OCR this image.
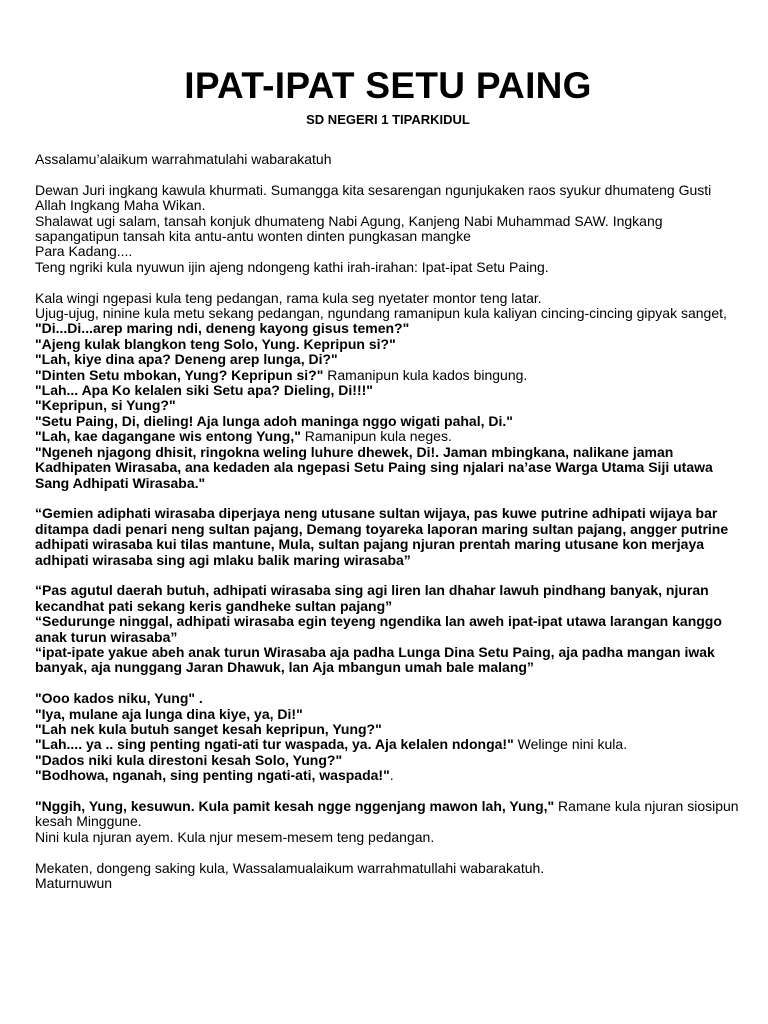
IPAT-IPAT SETU PAING
SD NEGERI 1 TIPARKIDUL
Assalamu’alaikum warrahmatulahi wabarakatuh
Dewan Juri ingkang kawula khurmati. Sumangga kita sesarengan ngunjukaken raos syukur dhumateng Gusti Allah Ingkang Maha Wikan.
Shalawat ugi salam, tansah konjuk dhumateng Nabi Agung, Kanjeng Nabi Muhammad SAW. Ingkang sapangatipun tansah kita antu-antu wonten dinten pungkasan mangke
Para Kadang....
Teng ngriki kula nyuwun ijin ajeng ndongeng kathi irah-irahan: Ipat-ipat Setu Paing.
Kala wingi ngepasi kula teng pedangan, rama kula seg nyetater montor teng latar.
Ujug-ujug, ninine kula metu sekang pedangan, ngundang ramanipun kula kaliyan cincing-cincing gipyak sanget, "Di...Di...arep maring ndi, deneng kayong gisus temen?"
"Ajeng kulak blangkon teng Solo, Yung. Kepripun si?"
"Lah, kiye dina apa? Deneng arep lunga, Di?"
"Dinten Setu mbokan, Yung? Kepripun si?" Ramanipun kula kados bingung.
"Lah... Apa Ko kelalen siki Setu apa? Dieling, Di!!!"
"Kepripun, si Yung?"
"Setu Paing, Di, dieling! Aja lunga adoh maninga nggo wigati pahal, Di."
"Lah, kae dagangane wis entong Yung," Ramanipun kula neges.
"Ngeneh njagong dhisit, ringokna weling luhure dhewek, Di!. Jaman mbingkana, nalikane jaman Kadhipaten Wirasaba, ana kedaden ala ngepasi Setu Paing sing njalari na’ase Warga Utama Siji utawa Sang Adhipati Wirasaba."
“Gemien adiphati wirasaba diperjaya neng utusane sultan wijaya, pas kuwe putrine adhipati wijaya bar ditampa dadi penari neng sultan pajang, Demang toyareka laporan maring sultan pajang, angger putrine adhipati wirasaba kui tilas mantune, Mula, sultan pajang njuran prentah maring utusane kon merjaya adhipati wirasaba sing agi mlaku balik maring wirasaba”
“Pas agutul daerah butuh, adhipati wirasaba sing agi liren lan dhahar lawuh pindhang banyak, njuran kecandhat pati sekang keris gandheke sultan pajang”
“Sedurunge ninggal, adhipati wirasaba egin teyeng ngendika lan aweh ipat-ipat utawa larangan kanggo anak turun wirasaba”
“ipat-ipate yakue abeh anak turun Wirasaba aja padha Lunga Dina Setu Paing, aja padha mangan iwak banyak, aja nunggang Jaran Dhawuk, lan Aja mbangun umah bale malang”
"Ooo kados niku, Yung" .
"Iya, mulane aja lunga dina kiye, ya, Di!"
"Lah nek kula butuh sanget kesah kepripun, Yung?"
"Lah.... ya .. sing penting ngati-ati tur waspada, ya. Aja kelalen ndonga!" Welinge nini kula.
"Dados niki kula direstoni kesah Solo, Yung?"
"Bodhowa, nganah, sing penting ngati-ati, waspada!".
"Nggih, Yung, kesuwun. Kula pamit kesah ngge nggenjang mawon lah, Yung," Ramane kula njuran siosipun kesah Minggune.
Nini kula njuran ayem. Kula njur mesem-mesem teng pedangan.
Mekaten, dongeng saking kula, Wassalamualaikum warrahmatullahi wabarakatuh.
Maturnuwun
